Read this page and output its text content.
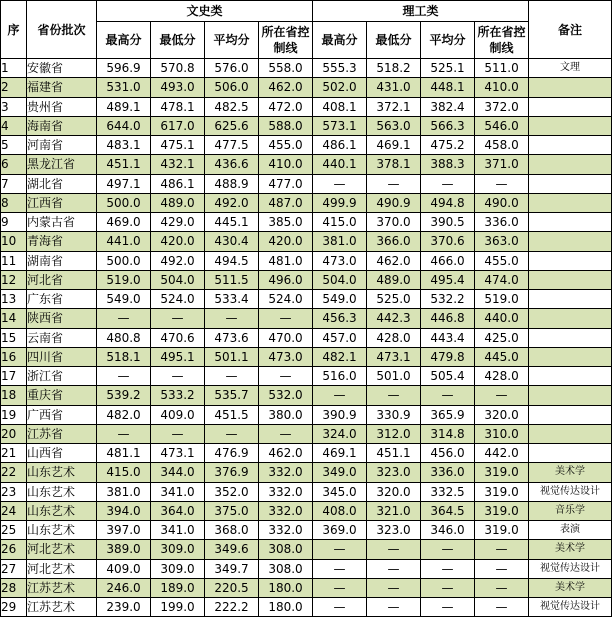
序	省份批次	文史类				理工类				备注
		最高分	最低分	平均分	所在省控制线	最高分	最低分	平均分	所在省控制线	
1	安徽省	596.9	570.8	576.0	558.0	555.3	518.2	525.1	511.0	文理
2	福建省	531.0	493.0	506.0	462.0	502.0	431.0	448.1	410.0	
3	贵州省	489.1	478.1	482.5	472.0	408.1	372.1	382.4	372.0	
4	海南省	644.0	617.0	625.6	588.0	573.1	563.0	566.3	546.0	
5	河南省	483.1	475.1	477.5	455.0	486.1	469.1	475.2	458.0	
6	黑龙江省	451.1	432.1	436.6	410.0	440.1	378.1	388.3	371.0	
7	湖北省	497.1	486.1	488.9	477.0	—	—	—	—	
8	江西省	500.0	489.0	492.0	487.0	499.9	490.9	494.8	490.0	
9	内蒙古省	469.0	429.0	445.1	385.0	415.0	370.0	390.5	336.0	
10	青海省	441.0	420.0	430.4	420.0	381.0	366.0	370.6	363.0	
11	湖南省	500.0	492.0	494.5	481.0	473.0	462.0	466.0	455.0	
12	河北省	519.0	504.0	511.5	496.0	504.0	489.0	495.4	474.0	
13	广东省	549.0	524.0	533.4	524.0	549.0	525.0	532.2	519.0	
14	陕西省	—	—	—	—	456.3	442.3	446.8	440.0	
15	云南省	480.8	470.6	473.6	470.0	457.0	428.0	443.4	425.0	
16	四川省	518.1	495.1	501.1	473.0	482.1	473.1	479.8	445.0	
17	浙江省	—	—	—	—	516.0	501.0	505.4	428.0	
18	重庆省	539.2	533.2	535.7	532.0	—	—	—	—	
19	广西省	482.0	409.0	451.5	380.0	390.9	330.9	365.9	320.0	
20	江苏省	—	—	—	—	324.0	312.0	314.8	310.0	
21	山西省	481.1	473.1	476.9	462.0	469.1	451.1	456.0	442.0	
22	山东艺术	415.0	344.0	376.9	332.0	349.0	323.0	336.0	319.0	美术学
23	山东艺术	381.0	341.0	352.0	332.0	345.0	320.0	332.5	319.0	视觉传达设计
24	山东艺术	394.0	364.0	375.0	332.0	408.0	321.0	364.5	319.0	音乐学
25	山东艺术	397.0	341.0	368.0	332.0	369.0	323.0	346.0	319.0	表演
26	河北艺术	389.0	309.0	349.6	308.0	—	—	—	—	美术学
27	河北艺术	409.0	309.0	349.7	308.0	—	—	—	—	视觉传达设计
28	江苏艺术	246.0	189.0	220.5	180.0	—	—	—	—	美术学
29	江苏艺术	239.0	199.0	222.2	180.0	—	—	—	—	视觉传达设计
